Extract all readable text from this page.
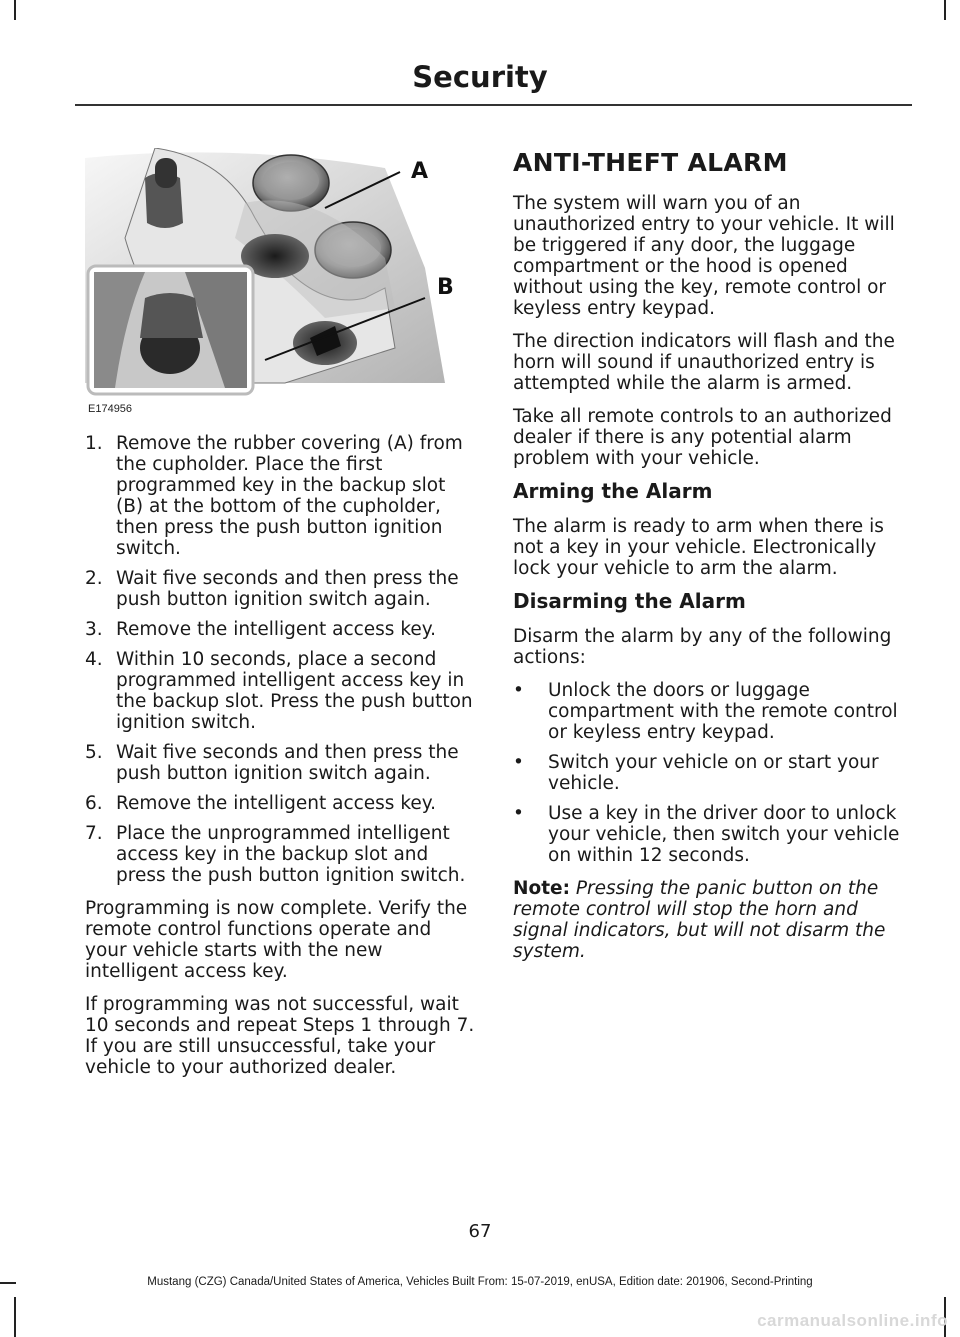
Security
A
B
E174956
1. Remove the rubber covering (A) from the cupholder. Place the first programmed key in the backup slot (B) at the bottom of the cupholder, then press the push button ignition switch.
2. Wait five seconds and then press the push button ignition switch again.
3. Remove the intelligent access key.
4. Within 10 seconds, place a second programmed intelligent access key in the backup slot. Press the push button ignition switch.
5. Wait five seconds and then press the push button ignition switch again.
6. Remove the intelligent access key.
7. Place the unprogrammed intelligent access key in the backup slot and press the push button ignition switch.

Programming is now complete. Verify the remote control functions operate and your vehicle starts with the new intelligent access key.

If programming was not successful, wait 10 seconds and repeat Steps 1 through 7. If you are still unsuccessful, take your vehicle to your authorized dealer.

ANTI-THEFT ALARM

The system will warn you of an unauthorized entry to your vehicle. It will be triggered if any door, the luggage compartment or the hood is opened without using the key, remote control or keyless entry keypad.

The direction indicators will flash and the horn will sound if unauthorized entry is attempted while the alarm is armed.

Take all remote controls to an authorized dealer if there is any potential alarm problem with your vehicle.

Arming the Alarm

The alarm is ready to arm when there is not a key in your vehicle. Electronically lock your vehicle to arm the alarm.

Disarming the Alarm

Disarm the alarm by any of the following actions:

• Unlock the doors or luggage compartment with the remote control or keyless entry keypad.
• Switch your vehicle on or start your vehicle.
• Use a key in the driver door to unlock your vehicle, then switch your vehicle on within 12 seconds.

Note: Pressing the panic button on the remote control will stop the horn and signal indicators, but will not disarm the system.

67
Mustang (CZG) Canada/United States of America, Vehicles Built From: 15-07-2019, enUSA, Edition date: 201906, Second-Printing
carmanualsonline.info
